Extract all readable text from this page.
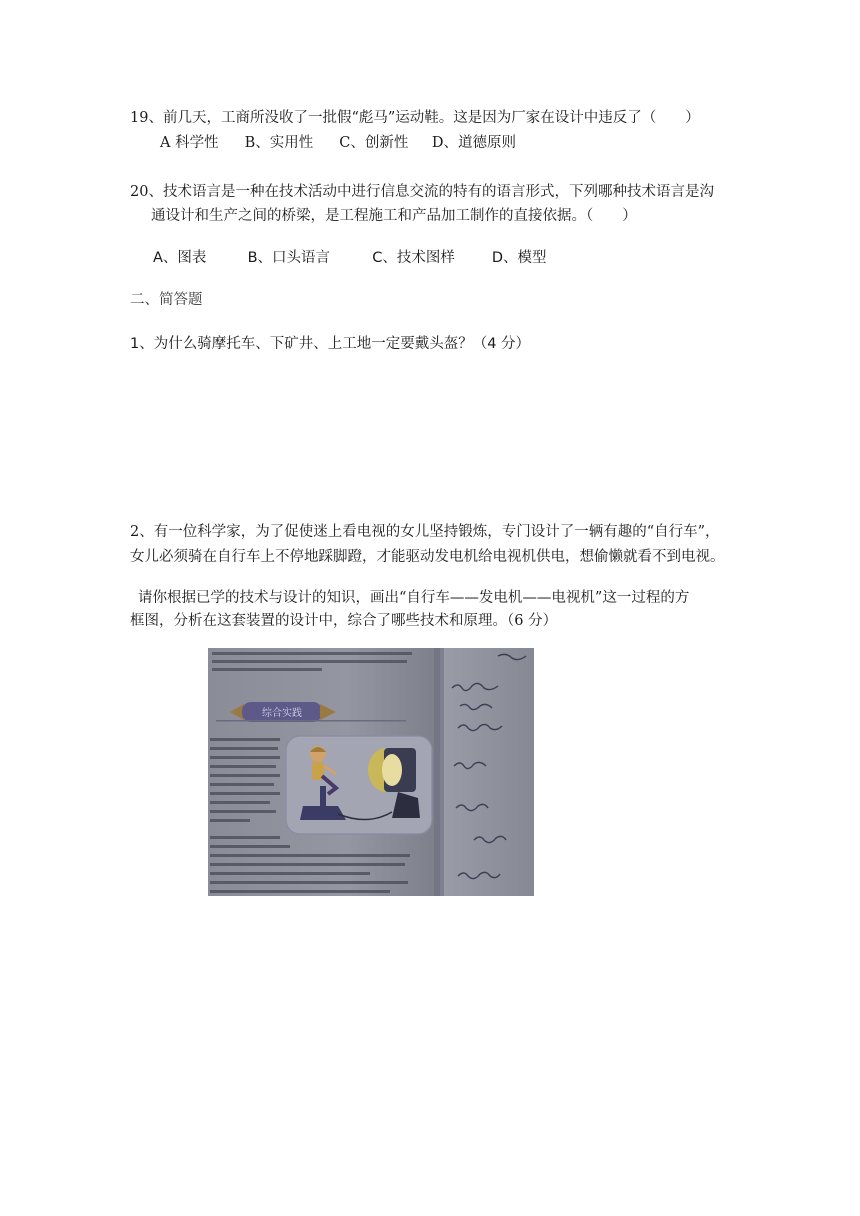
19、前几天，工商所没收了一批假“彪马”运动鞋。这是因为厂家在设计中违反了（　　）
A 科学性 B、实用性 C、创新性 D、道德原则
20、技术语言是一种在技术活动中进行信息交流的特有的语言形式，下列哪种技术语言是沟
通设计和生产之间的桥梁，是工程施工和产品加工制作的直接依据。（　　）
A、图表	B、口头语言	C、技术图样	D、模型
二、简答题
1、为什么骑摩托车、下矿井、上工地一定要戴头盔？（4 分）
2、有一位科学家，为了促使迷上看电视的女儿坚持锻炼，专门设计了一辆有趣的“自行车”，
女儿必须骑在自行车上不停地踩脚蹬，才能驱动发电机给电视机供电，想偷懒就看不到电视。
请你根据已学的技术与设计的知识，画出“自行车——发电机——电视机”这一过程的方
框图，分析在这套装置的设计中，综合了哪些技术和原理。（6 分）
综合实践
